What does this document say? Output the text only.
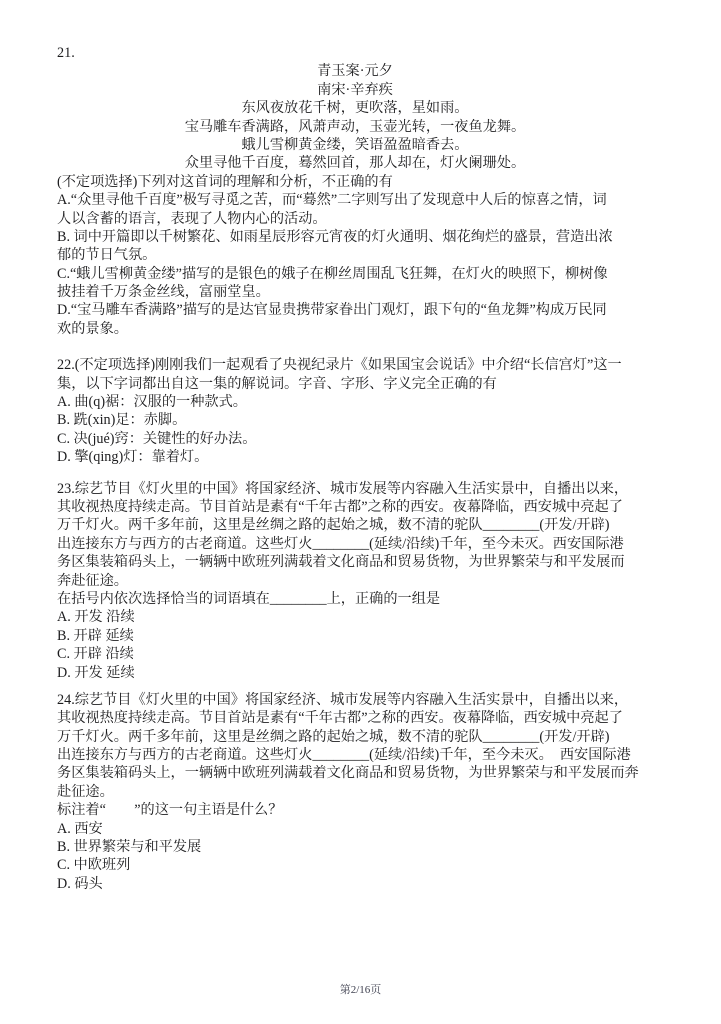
21.
青玉案·元夕
南宋·辛弃疾
东风夜放花千树，更吹落，星如雨。
宝马雕车香满路，风萧声动，玉壶光转，一夜鱼龙舞。
蛾儿雪柳黄金缕，笑语盈盈暗香去。
众里寻他千百度，蓦然回首，那人却在，灯火阑珊处。
(不定项选择)下列对这首词的理解和分析，不正确的有
A.“众里寻他千百度”极写寻觅之苦，而“蓦然”二字则写出了发现意中人后的惊喜之情，词
人以含蓄的语言，表现了人物内心的活动。
B. 词中开篇即以千树繁花、如雨星辰形容元宵夜的灯火通明、烟花绚烂的盛景，营造出浓
郁的节日气氛。
C.“蛾儿雪柳黄金缕”描写的是银色的娥子在柳丝周围乱飞狂舞，在灯火的映照下，柳树像
披挂着千万条金丝线，富丽堂皇。
D.“宝马雕车香满路”描写的是达官显贵携带家眷出门观灯，跟下句的“鱼龙舞”构成万民同
欢的景象。
22.(不定项选择)刚刚我们一起观看了央视纪录片《如果国宝会说话》中介绍“长信宫灯”这一
集，以下字词都出自这一集的解说词。字音、字形、字义完全正确的有
A. 曲(q)裾：汉服的一种款式。
B. 跣(xin)足：赤脚。
C. 决(jué)窍：关键性的好办法。
D. 擎(qing)灯：靠着灯。
23.综艺节目《灯火里的中国》将国家经济、城市发展等内容融入生活实景中，自播出以来，
其收视热度持续走高。节目首站是素有“千年古都”之称的西安。夜幕降临，西安城中亮起了
万千灯火。两千多年前，这里是丝绸之路的起始之城，数不清的驼队________(开发/开辟)
出连接东方与西方的古老商道。这些灯火________(延续/沿续)千年，至今未灭。西安国际港
务区集装箱码头上，一辆辆中欧班列满载着文化商品和贸易货物，为世界繁荣与和平发展而
奔赴征途。
在括号内依次选择恰当的词语填在________上，正确的一组是
A. 开发 沿续
B. 开辟 延续
C. 开辟 沿续
D. 开发 延续
24.综艺节目《灯火里的中国》将国家经济、城市发展等内容融入生活实景中，自播出以来，
其收视热度持续走高。节目首站是素有“千年古都”之称的西安。夜幕降临，西安城中亮起了
万千灯火。两千多年前，这里是丝绸之路的起始之城，数不清的驼队________(开发/开辟)
出连接东方与西方的古老商道。这些灯火________(延续/沿续)千年，至今未灭。　西安国际港
务区集装箱码头上，一辆辆中欧班列满载着文化商品和贸易货物，为世界繁荣与和平发展而奔
赴征途。
标注着“　　”的这一句主语是什么？
A. 西安
B. 世界繁荣与和平发展
C. 中欧班列
D. 码头
第2/16页
